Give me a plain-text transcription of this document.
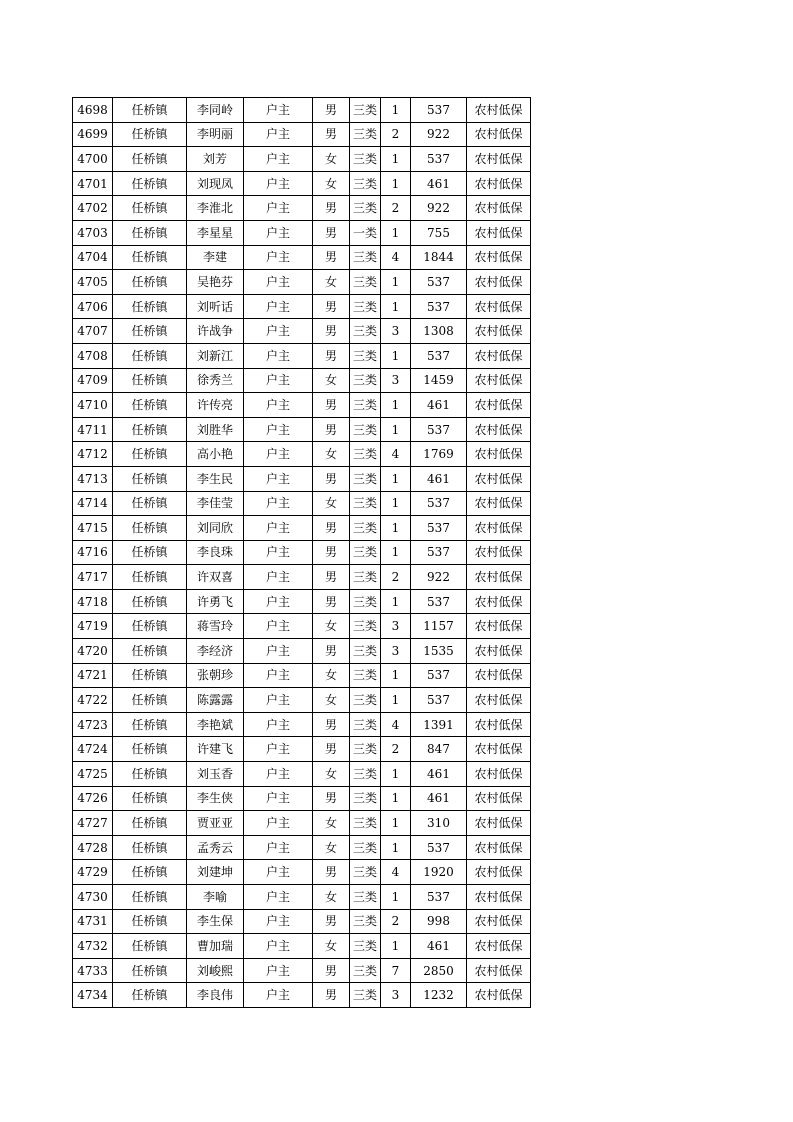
4698	任桥镇	李同岭	户主	男	三类	1	537	农村低保
4699	任桥镇	李明丽	户主	男	三类	2	922	农村低保
4700	任桥镇	刘芳	户主	女	三类	1	537	农村低保
4701	任桥镇	刘现凤	户主	女	三类	1	461	农村低保
4702	任桥镇	李淮北	户主	男	三类	2	922	农村低保
4703	任桥镇	李星星	户主	男	一类	1	755	农村低保
4704	任桥镇	李建	户主	男	三类	4	1844	农村低保
4705	任桥镇	吴艳芬	户主	女	三类	1	537	农村低保
4706	任桥镇	刘听话	户主	男	三类	1	537	农村低保
4707	任桥镇	许战争	户主	男	三类	3	1308	农村低保
4708	任桥镇	刘新江	户主	男	三类	1	537	农村低保
4709	任桥镇	徐秀兰	户主	女	三类	3	1459	农村低保
4710	任桥镇	许传亮	户主	男	三类	1	461	农村低保
4711	任桥镇	刘胜华	户主	男	三类	1	537	农村低保
4712	任桥镇	高小艳	户主	女	三类	4	1769	农村低保
4713	任桥镇	李生民	户主	男	三类	1	461	农村低保
4714	任桥镇	李佳莹	户主	女	三类	1	537	农村低保
4715	任桥镇	刘同欣	户主	男	三类	1	537	农村低保
4716	任桥镇	李良珠	户主	男	三类	1	537	农村低保
4717	任桥镇	许双喜	户主	男	三类	2	922	农村低保
4718	任桥镇	许勇飞	户主	男	三类	1	537	农村低保
4719	任桥镇	蒋雪玲	户主	女	三类	3	1157	农村低保
4720	任桥镇	李经济	户主	男	三类	3	1535	农村低保
4721	任桥镇	张朝珍	户主	女	三类	1	537	农村低保
4722	任桥镇	陈露露	户主	女	三类	1	537	农村低保
4723	任桥镇	李艳斌	户主	男	三类	4	1391	农村低保
4724	任桥镇	许建飞	户主	男	三类	2	847	农村低保
4725	任桥镇	刘玉香	户主	女	三类	1	461	农村低保
4726	任桥镇	李生侠	户主	男	三类	1	461	农村低保
4727	任桥镇	贾亚亚	户主	女	三类	1	310	农村低保
4728	任桥镇	孟秀云	户主	女	三类	1	537	农村低保
4729	任桥镇	刘建坤	户主	男	三类	4	1920	农村低保
4730	任桥镇	李喻	户主	女	三类	1	537	农村低保
4731	任桥镇	李生保	户主	男	三类	2	998	农村低保
4732	任桥镇	曹加瑞	户主	女	三类	1	461	农村低保
4733	任桥镇	刘峻熙	户主	男	三类	7	2850	农村低保
4734	任桥镇	李良伟	户主	男	三类	3	1232	农村低保
